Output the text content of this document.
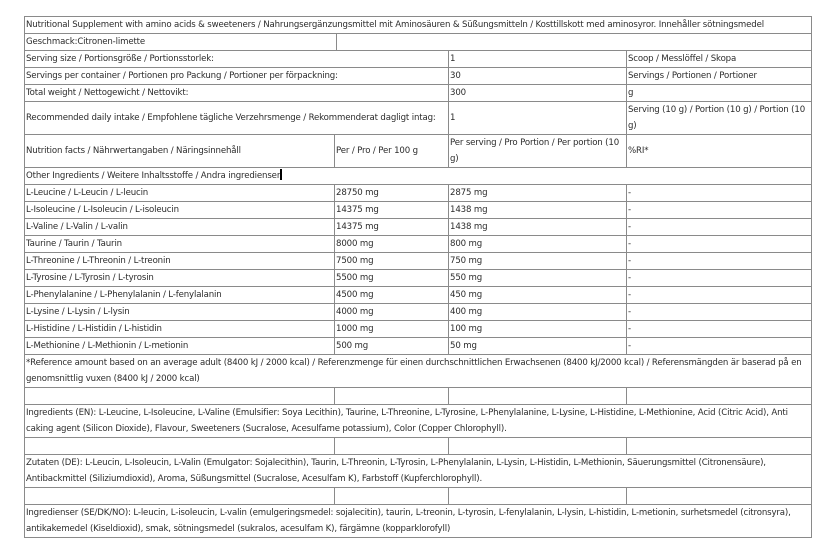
Nutritional Supplement with amino acids & sweeteners / Nahrungsergänzungsmittel mit Aminosäuren & Süßungsmitteln / Kosttillskott med aminosyror. Innehåller sötningsmedel			

Geschmack:Citronen-limette			

Serving size / Portionsgröße / Portionsstorlek:		1	Scoop / Messlöffel / Skopa
Servings per container / Portionen pro Packung / Portioner per förpackning:		30	Servings / Portionen / Portioner
Total weight / Nettogewicht / Nettovikt:		300	g
Recommended daily intake / Empfohlene tägliche Verzehrsmenge / Rekommenderat dagligt intag:		1	Serving (10 g) / Portion (10 g) / Portion (10 g)
Nutrition facts / Nährwertangaben / Näringsinnehåll	Per / Pro / Per 100 g	Per serving / Pro Portion / Per portion (10 g)	%RI*
Other Ingredients / Weitere Inhaltsstoffe / Andra ingredienser			
L-Leucine / L-Leucin / L-leucin	28750 mg	2875 mg	-
L-Isoleucine / L-Isoleucin / L-isoleucin	14375 mg	1438 mg	-
L-Valine / L-Valin / L-valin	14375 mg	1438 mg	-
Taurine / Taurin / Taurin	8000 mg	800 mg	-
L-Threonine / L-Threonin / L-treonin	7500 mg	750 mg	-
L-Tyrosine / L-Tyrosin / L-tyrosin	5500 mg	550 mg	-
L-Phenylalanine / L-Phenylalanin / L-fenylalanin	4500 mg	450 mg	-
L-Lysine / L-Lysin / L-lysin	4000 mg	400 mg	-
L-Histidine / L-Histidin / L-histidin	1000 mg	100 mg	-
L-Methionine / L-Methionin / L-metionin	500 mg	50 mg	-
*Reference amount based on an average adult (8400 kJ / 2000 kcal) / Referenzmenge für einen durchschnittlichen Erwachsenen (8400 kJ/2000 kcal) / Referensmängden är baserad på en genomsnittlig vuxen (8400 kJ / 2000 kcal)			

Ingredients (EN): L-Leucine, L-Isoleucine, L-Valine (Emulsifier: Soya Lecithin), Taurine, L-Threonine, L-Tyrosine, L-Phenylalanine, L-Lysine, L-Histidine, L-Methionine, Acid (Citric Acid), Anti caking agent (Silicon Dioxide), Flavour, Sweeteners (Sucralose, Acesulfame potassium), Color (Copper Chlorophyll).			

Zutaten (DE): L-Leucin, L-Isoleucin, L-Valin (Emulgator: Sojalecithin), Taurin, L-Threonin, L-Tyrosin, L-Phenylalanin, L-Lysin, L-Histidin, L-Methionin, Säuerungsmittel (Citronensäure), Antibackmittel (Siliziumdioxid), Aroma, Süßungsmittel (Sucralose, Acesulfam K), Farbstoff (Kupferchlorophyll).			

Ingredienser (SE/DK/NO): L-leucin, L-isoleucin, L-valin (emulgeringsmedel: sojalecitin), taurin, L-treonin, L-tyrosin, L-fenylalanin, L-lysin, L-histidin, L-metionin, surhetsmedel (citronsyra), antikakemedel (Kiseldioxid), smak, sötningsmedel (sukralos, acesulfam K), färgämne (kopparklorofyll)			
